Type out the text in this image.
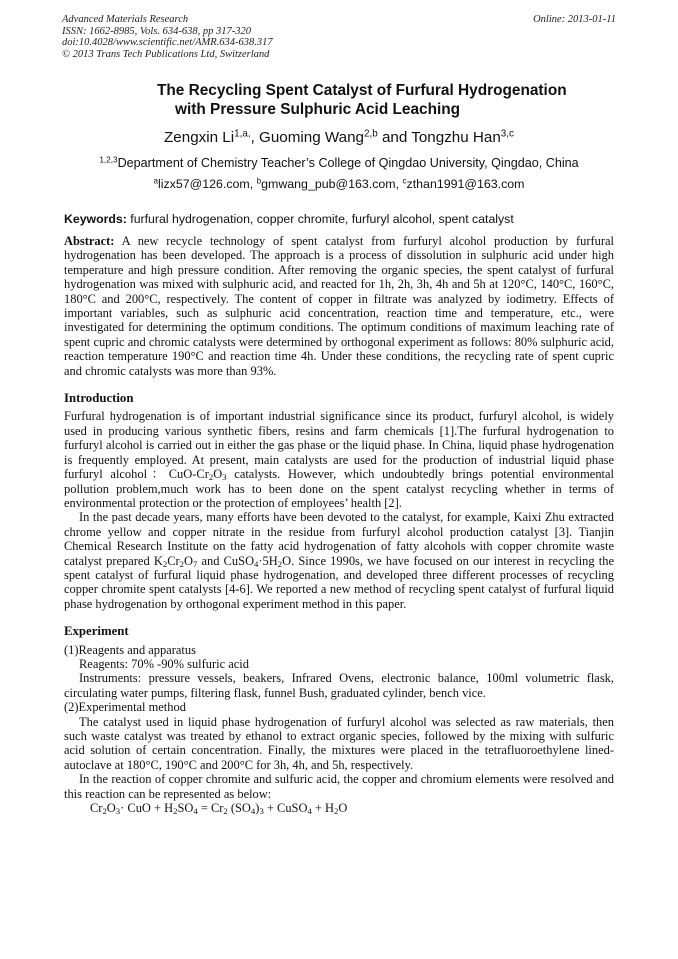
Advanced Materials Research
ISSN: 1662-8985, Vols. 634-638, pp 317-320
doi:10.4028/www.scientific.net/AMR.634-638.317
© 2013 Trans Tech Publications Ltd, Switzerland
Online: 2013-01-11
The Recycling Spent Catalyst of Furfural Hydrogenation
with Pressure Sulphuric Acid Leaching
Zengxin $Li^{1,a,}$, Guoming Wang$^{2,b}$ and Tongzhu Han$^{3,c}$
$^{1,2,3}$Department of Chemistry Teacher’s College of Qingdao University, Qingdao, China
$^a$lizx57@126.com, $^b$gmwang_pub@163.com, $^c$zthan1991@163.com
Keywords: furfural hydrogenation, copper chromite, furfuryl alcohol, spent catalyst

Abstract: A new recycle technology of spent catalyst from furfuryl alcohol production by furfural hydrogenation has been developed. The approach is a process of dissolution in sulphuric acid under high temperature and high pressure condition. After removing the organic species, the spent catalyst of furfural hydrogenation was mixed with sulphuric acid, and reacted for 1h, 2h, 3h, 4h and 5h at 120°C, 140°C, 160°C, 180°C and 200°C, respectively. The content of copper in filtrate was analyzed by iodimetry. Effects of important variables, such as sulphuric acid concentration, reaction time and temperature, etc., were investigated for determining the optimum conditions. The optimum conditions of maximum leaching rate of spent cupric and chromic catalysts were determined by orthogonal experiment as follows: 80% sulphuric acid, reaction temperature 190°C and reaction time 4h. Under these conditions, the recycling rate of spent cupric and chromic catalysts was more than 93%.

Introduction

Furfural hydrogenation is of important industrial significance since its product, furfuryl alcohol, is widely used in producing various synthetic fibers, resins and farm chemicals [1].The furfural hydrogenation to furfuryl alcohol is carried out in either the gas phase or the liquid phase. In China, liquid phase hydrogenation is frequently employed. At present, main catalysts are used for the production of industrial liquid phase furfuryl alcohol：CuO-$Cr_2O_3$ catalysts. However, which undoubtedly brings potential environmental pollution problem,much work has to been done on the spent catalyst recycling whether in terms of environmental protection or the protection of employees’ health [2].

In the past decade years, many efforts have been devoted to the catalyst, for example, Kaixi Zhu extracted chrome yellow and copper nitrate in the residue from furfuryl alcohol production catalyst [3]. Tianjin Chemical Research Institute on the fatty acid hydrogenation of fatty alcohols with copper chromite waste catalyst prepared $K_2Cr_2O_7$ and $CuSO_4\cdot 5H_2O$. Since 1990s, we have focused on our interest in recycling the spent catalyst of furfural liquid phase hydrogenation, and developed three different processes of recycling copper chromite spent catalysts [4-6]. We reported a new method of recycling spent catalyst of furfural liquid phase hydrogenation by orthogonal experiment method in this paper.

Experiment

(1)Reagents and apparatus

Reagents: 70% -90% sulfuric acid

Instruments: pressure vessels, beakers, Infrared Ovens, electronic balance, 100ml volumetric flask, circulating water pumps, filtering flask, funnel Bush, graduated cylinder, bench vice.

(2)Experimental method

The catalyst used in liquid phase hydrogenation of furfuryl alcohol was selected as raw materials, then such waste catalyst was treated by ethanol to extract organic species, followed by the mixing with sulfuric acid solution of certain concentration. Finally, the mixtures were placed in the tetrafluoroethylene lined-autoclave at 180°C, 190°C and 200°C for 3h, 4h, and 5h, respectively.

In the reaction of copper chromite and sulfuric acid, the copper and chromium elements were resolved and this reaction can be represented as below:

$Cr_2O_3\cdot$ CuO + $H_2SO_4 = Cr_2$ $(SO_4)_3$ + CuSO$_4$ + $H_2O$
